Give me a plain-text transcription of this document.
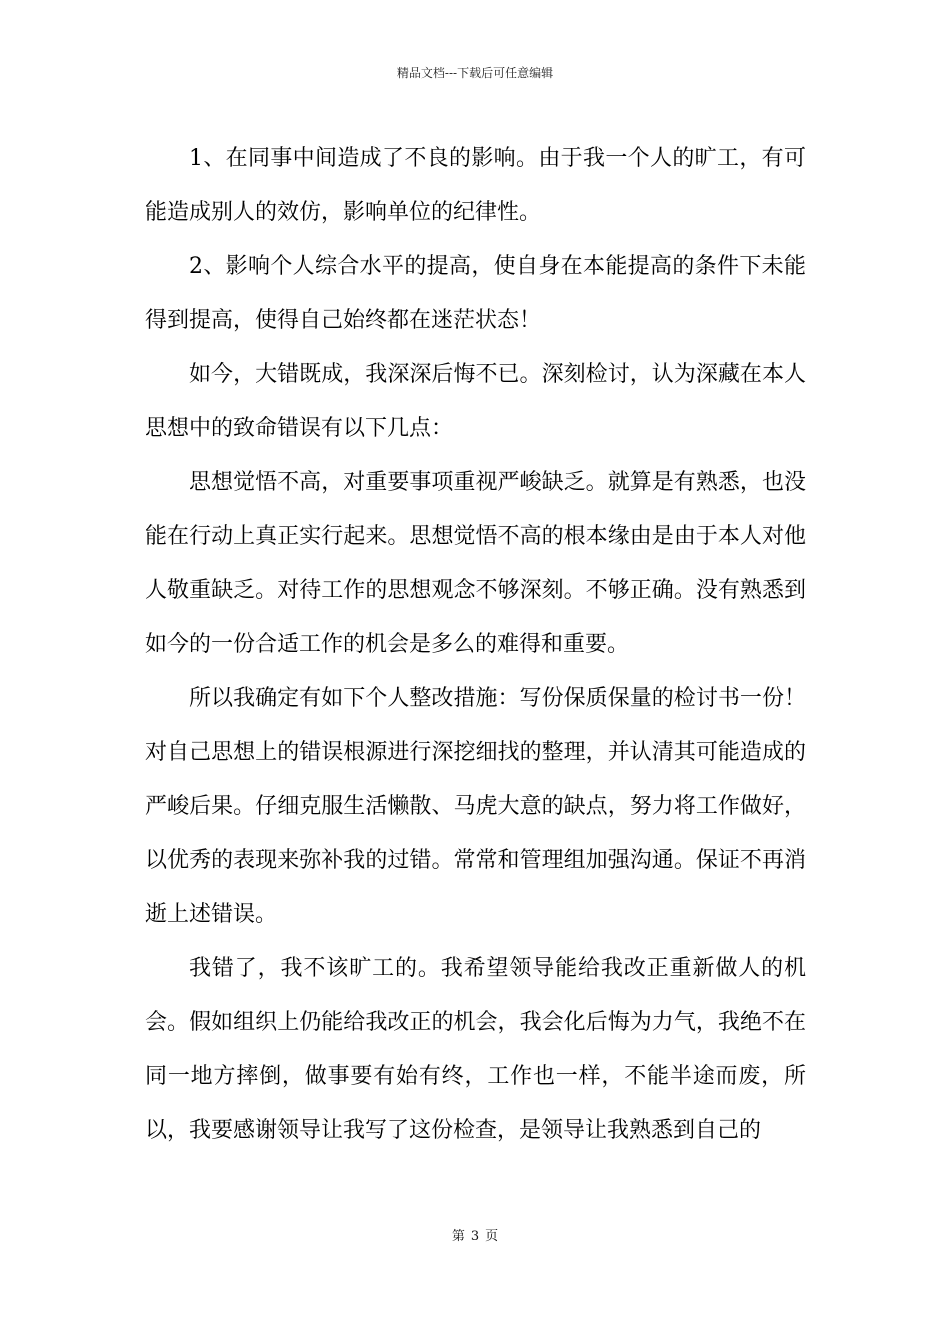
精品文档---下载后可任意编辑

1、在同事中间造成了不良的影响。由于我一个人的旷工，有可能造成别人的效仿，影响单位的纪律性。

2、影响个人综合水平的提高，使自身在本能提高的条件下未能得到提高，使得自己始终都在迷茫状态！

如今，大错既成，我深深后悔不已。深刻检讨，认为深藏在本人思想中的致命错误有以下几点：

思想觉悟不高，对重要事项重视严峻缺乏。就算是有熟悉，也没能在行动上真正实行起来。思想觉悟不高的根本缘由是由于本人对他人敬重缺乏。对待工作的思想观念不够深刻。不够正确。没有熟悉到如今的一份合适工作的机会是多么的难得和重要。

所以我确定有如下个人整改措施：写份保质保量的检讨书一份！对自己思想上的错误根源进行深挖细找的整理，并认清其可能造成的严峻后果。仔细克服生活懒散、马虎大意的缺点，努力将工作做好，以优秀的表现来弥补我的过错。常常和管理组加强沟通。保证不再消逝上述错误。

我错了，我不该旷工的。我希望领导能给我改正重新做人的机会。假如组织上仍能给我改正的机会，我会化后悔为力气，我绝不在同一地方摔倒，做事要有始有终，工作也一样，不能半途而废，所以，我要感谢领导让我写了这份检查，是领导让我熟悉到自己的

第 3 页
